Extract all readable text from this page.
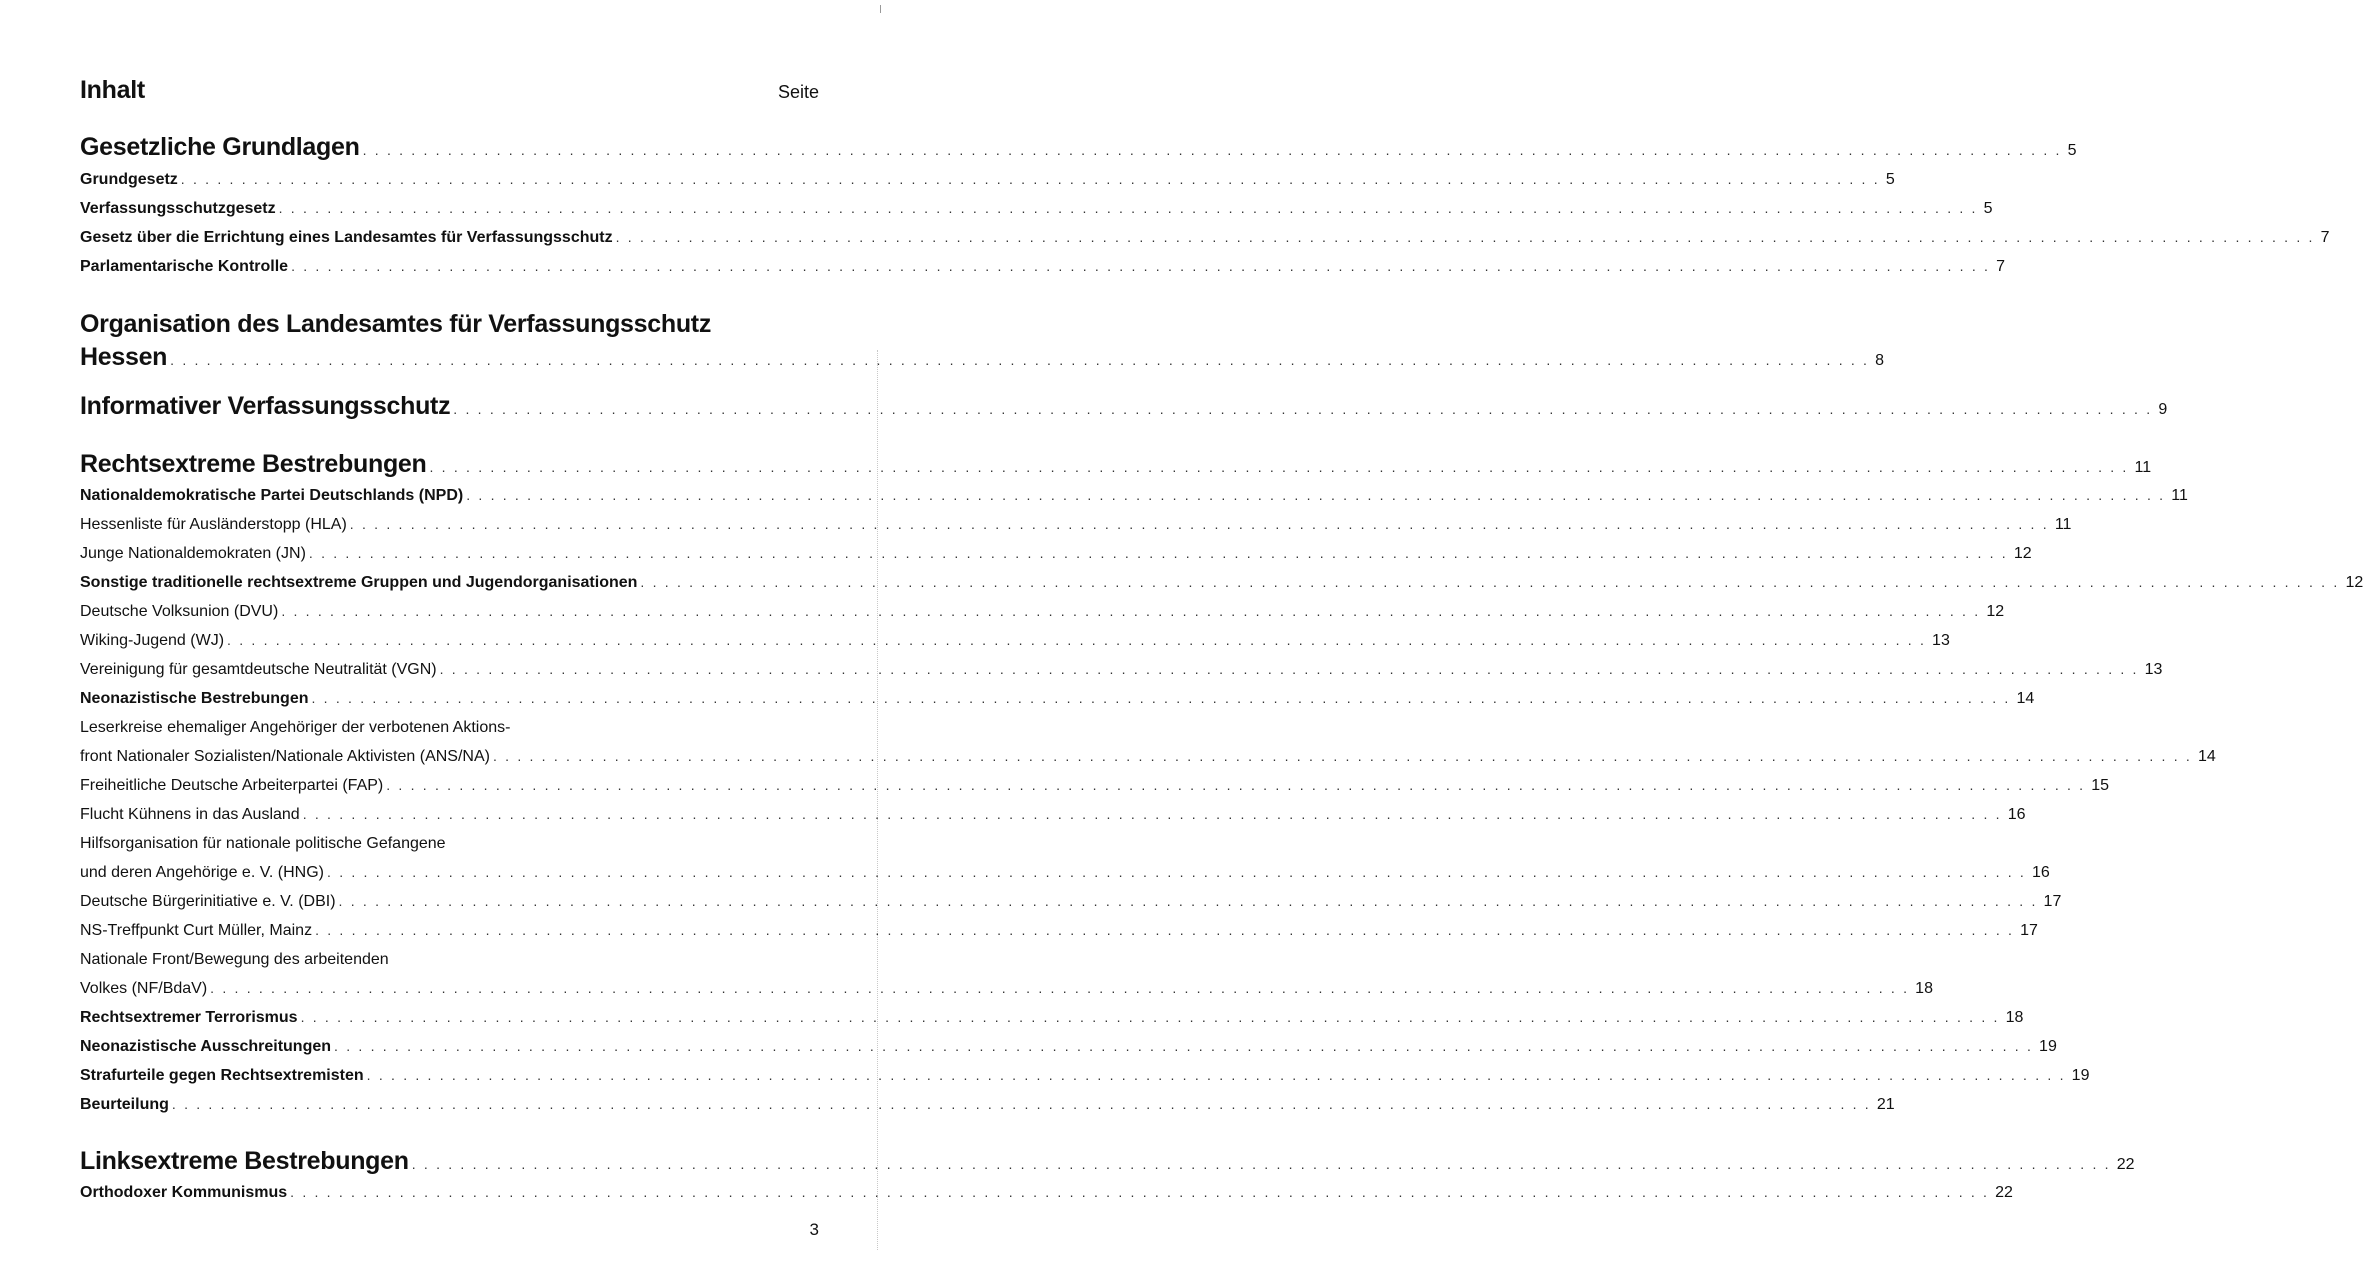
Inhalt	Seite
Gesetzliche Grundlagen . . . . . . . . . . . . . . . . . . . . . . . . . . . . . . . . . . . . . . . . . . . . . . . . . . . . . . . . . . . . . . . . . . . . . . . . . . . . . . . . . . . . . . . . . . . . . . . . . . . . . . . . . . . . . . . . . . . . . . . . . . . . . . . . . . . . . . . . . . . . 5
Grundgesetz . . . . . . . . . . . . . . . . . . . . . . . . . . . . . . . . . . . . . . . . . . . . . . . . . . . . . . . . . . . . . . . . . . . . . . . . . . . . . . . . . . . . . . . . . . . . . . . . . . . . . . . . . . . . . . . . . . . . . . . . . . . . . . . . . . . . . . . . . . . . 5
Verfassungsschutzgesetz . . . . . . . . . . . . . . . . . . . . . . . . . . . . . . . . . . . . . . . . . . . . . . . . . . . . . . . . . . . . . . . . . . . . . . . . . . . . . . . . . . . . . . . . . . . . . . . . . . . . . . . . . . . . . . . . . . . . . . . . . . . . . . . . . . . . . . . . . . . . 5
Gesetz über die Errichtung eines Landesamtes für Verfassungsschutz . . . . . . . . . . . . . . . . . . . . . . . . . . . . . . . . . . . . . . . . . . . . . . . . . . . . . . . . . . . . . . . . . . . . . . . . . . . . . . . . . . . . . . . . . . . . . . . . . . . . . . . . . . . . . . . . . . . . . . . . . . . . . . . . . . . . . . . . . . . . 7
Parlamentarische Kontrolle . . . . . . . . . . . . . . . . . . . . . . . . . . . . . . . . . . . . . . . . . . . . . . . . . . . . . . . . . . . . . . . . . . . . . . . . . . . . . . . . . . . . . . . . . . . . . . . . . . . . . . . . . . . . . . . . . . . . . . . . . . . . . . . . . . . . . . . . . . . . 7
Organisation des Landesamtes für Verfassungsschutz
Hessen . . . . . . . . . . . . . . . . . . . . . . . . . . . . . . . . . . . . . . . . . . . . . . . . . . . . . . . . . . . . . . . . . . . . . . . . . . . . . . . . . . . . . . . . . . . . . . . . . . . . . . . . . . . . . . . . . . . . . . . . . . . . . . . . . . . . . . . . . . . . 8
Informativer Verfassungsschutz . . . . . . . . . . . . . . . . . . . . . . . . . . . . . . . . . . . . . . . . . . . . . . . . . . . . . . . . . . . . . . . . . . . . . . . . . . . . . . . . . . . . . . . . . . . . . . . . . . . . . . . . . . . . . . . . . . . . . . . . . . . . . . . . . . . . . . . . . . . . 9
Rechtsextreme Bestrebungen . . . . . . . . . . . . . . . . . . . . . . . . . . . . . . . . . . . . . . . . . . . . . . . . . . . . . . . . . . . . . . . . . . . . . . . . . . . . . . . . . . . . . . . . . . . . . . . . . . . . . . . . . . . . . . . . . . . . . . . . . . . . . . . . . . . . . . . . . . . . 11
Nationaldemokratische Partei Deutschlands (NPD) . . . . . . . . . . . . . . . . . . . . . . . . . . . . . . . . . . . . . . . . . . . . . . . . . . . . . . . . . . . . . . . . . . . . . . . . . . . . . . . . . . . . . . . . . . . . . . . . . . . . . . . . . . . . . . . . . . . . . . . . . . . . . . . . . . . . . . . . . . . . 11
Hessenliste für Ausländerstopp (HLA) . . . . . . . . . . . . . . . . . . . . . . . . . . . . . . . . . . . . . . . . . . . . . . . . . . . . . . . . . . . . . . . . . . . . . . . . . . . . . . . . . . . . . . . . . . . . . . . . . . . . . . . . . . . . . . . . . . . . . . . . . . . . . . . . . . . . . . . . . . . . 11
Junge Nationaldemokraten (JN) . . . . . . . . . . . . . . . . . . . . . . . . . . . . . . . . . . . . . . . . . . . . . . . . . . . . . . . . . . . . . . . . . . . . . . . . . . . . . . . . . . . . . . . . . . . . . . . . . . . . . . . . . . . . . . . . . . . . . . . . . . . . . . . . . . . . . . . . . . . . 12
Sonstige traditionelle rechtsextreme Gruppen und Jugendorganisationen . . . . . . . . . . . . . . . . . . . . . . . . . . . . . . . . . . . . . . . . . . . . . . . . . . . . . . . . . . . . . . . . . . . . . . . . . . . . . . . . . . . . . . . . . . . . . . . . . . . . . . . . . . . . . . . . . . . . . . . . . . . . . . . . . . . . . . . . . . . . 12
Deutsche Volksunion (DVU) . . . . . . . . . . . . . . . . . . . . . . . . . . . . . . . . . . . . . . . . . . . . . . . . . . . . . . . . . . . . . . . . . . . . . . . . . . . . . . . . . . . . . . . . . . . . . . . . . . . . . . . . . . . . . . . . . . . . . . . . . . . . . . . . . . . . . . . . . . . . 12
Wiking-Jugend (WJ) . . . . . . . . . . . . . . . . . . . . . . . . . . . . . . . . . . . . . . . . . . . . . . . . . . . . . . . . . . . . . . . . . . . . . . . . . . . . . . . . . . . . . . . . . . . . . . . . . . . . . . . . . . . . . . . . . . . . . . . . . . . . . . . . . . . . . . . . . . . . 13
Vereinigung für gesamtdeutsche Neutralität (VGN) . . . . . . . . . . . . . . . . . . . . . . . . . . . . . . . . . . . . . . . . . . . . . . . . . . . . . . . . . . . . . . . . . . . . . . . . . . . . . . . . . . . . . . . . . . . . . . . . . . . . . . . . . . . . . . . . . . . . . . . . . . . . . . . . . . . . . . . . . . . . 13
Neonazistische Bestrebungen . . . . . . . . . . . . . . . . . . . . . . . . . . . . . . . . . . . . . . . . . . . . . . . . . . . . . . . . . . . . . . . . . . . . . . . . . . . . . . . . . . . . . . . . . . . . . . . . . . . . . . . . . . . . . . . . . . . . . . . . . . . . . . . . . . . . . . . . . . . . 14
Leserkreise ehemaliger Angehöriger der verbotenen Aktions-
front Nationaler Sozialisten/Nationale Aktivisten (ANS/NA) . . . . . . . . . . . . . . . . . . . . . . . . . . . . . . . . . . . . . . . . . . . . . . . . . . . . . . . . . . . . . . . . . . . . . . . . . . . . . . . . . . . . . . . . . . . . . . . . . . . . . . . . . . . . . . . . . . . . . . . . . . . . . . . . . . . . . . . . . . . . 14
Freiheitliche Deutsche Arbeiterpartei (FAP) . . . . . . . . . . . . . . . . . . . . . . . . . . . . . . . . . . . . . . . . . . . . . . . . . . . . . . . . . . . . . . . . . . . . . . . . . . . . . . . . . . . . . . . . . . . . . . . . . . . . . . . . . . . . . . . . . . . . . . . . . . . . . . . . . . . . . . . . . . . . 15
Flucht Kühnens in das Ausland . . . . . . . . . . . . . . . . . . . . . . . . . . . . . . . . . . . . . . . . . . . . . . . . . . . . . . . . . . . . . . . . . . . . . . . . . . . . . . . . . . . . . . . . . . . . . . . . . . . . . . . . . . . . . . . . . . . . . . . . . . . . . . . . . . . . . . . . . . . . 16
Hilfsorganisation für nationale politische Gefangene
und deren Angehörige e. V. (HNG) . . . . . . . . . . . . . . . . . . . . . . . . . . . . . . . . . . . . . . . . . . . . . . . . . . . . . . . . . . . . . . . . . . . . . . . . . . . . . . . . . . . . . . . . . . . . . . . . . . . . . . . . . . . . . . . . . . . . . . . . . . . . . . . . . . . . . . . . . . . . 16
Deutsche Bürgerinitiative e. V. (DBI) . . . . . . . . . . . . . . . . . . . . . . . . . . . . . . . . . . . . . . . . . . . . . . . . . . . . . . . . . . . . . . . . . . . . . . . . . . . . . . . . . . . . . . . . . . . . . . . . . . . . . . . . . . . . . . . . . . . . . . . . . . . . . . . . . . . . . . . . . . . . 17
NS-Treffpunkt Curt Müller, Mainz . . . . . . . . . . . . . . . . . . . . . . . . . . . . . . . . . . . . . . . . . . . . . . . . . . . . . . . . . . . . . . . . . . . . . . . . . . . . . . . . . . . . . . . . . . . . . . . . . . . . . . . . . . . . . . . . . . . . . . . . . . . . . . . . . . . . . . . . . . . . 17
Nationale Front/Bewegung des arbeitenden
Volkes (NF/BdaV) . . . . . . . . . . . . . . . . . . . . . . . . . . . . . . . . . . . . . . . . . . . . . . . . . . . . . . . . . . . . . . . . . . . . . . . . . . . . . . . . . . . . . . . . . . . . . . . . . . . . . . . . . . . . . . . . . . . . . . . . . . . . . . . . . . . . . . . . . . . . 18
Rechtsextremer Terrorismus . . . . . . . . . . . . . . . . . . . . . . . . . . . . . . . . . . . . . . . . . . . . . . . . . . . . . . . . . . . . . . . . . . . . . . . . . . . . . . . . . . . . . . . . . . . . . . . . . . . . . . . . . . . . . . . . . . . . . . . . . . . . . . . . . . . . . . . . . . . . 18
Neonazistische Ausschreitungen . . . . . . . . . . . . . . . . . . . . . . . . . . . . . . . . . . . . . . . . . . . . . . . . . . . . . . . . . . . . . . . . . . . . . . . . . . . . . . . . . . . . . . . . . . . . . . . . . . . . . . . . . . . . . . . . . . . . . . . . . . . . . . . . . . . . . . . . . . . . 19
Strafurteile gegen Rechtsextremisten . . . . . . . . . . . . . . . . . . . . . . . . . . . . . . . . . . . . . . . . . . . . . . . . . . . . . . . . . . . . . . . . . . . . . . . . . . . . . . . . . . . . . . . . . . . . . . . . . . . . . . . . . . . . . . . . . . . . . . . . . . . . . . . . . . . . . . . . . . . . 19
Beurteilung . . . . . . . . . . . . . . . . . . . . . . . . . . . . . . . . . . . . . . . . . . . . . . . . . . . . . . . . . . . . . . . . . . . . . . . . . . . . . . . . . . . . . . . . . . . . . . . . . . . . . . . . . . . . . . . . . . . . . . . . . . . . . . . . . . . . . . . . . . . . 21
Linksextreme Bestrebungen . . . . . . . . . . . . . . . . . . . . . . . . . . . . . . . . . . . . . . . . . . . . . . . . . . . . . . . . . . . . . . . . . . . . . . . . . . . . . . . . . . . . . . . . . . . . . . . . . . . . . . . . . . . . . . . . . . . . . . . . . . . . . . . . . . . . . . . . . . . . 22
Orthodoxer Kommunismus . . . . . . . . . . . . . . . . . . . . . . . . . . . . . . . . . . . . . . . . . . . . . . . . . . . . . . . . . . . . . . . . . . . . . . . . . . . . . . . . . . . . . . . . . . . . . . . . . . . . . . . . . . . . . . . . . . . . . . . . . . . . . . . . . . . . . . . . . . . . 22
3
